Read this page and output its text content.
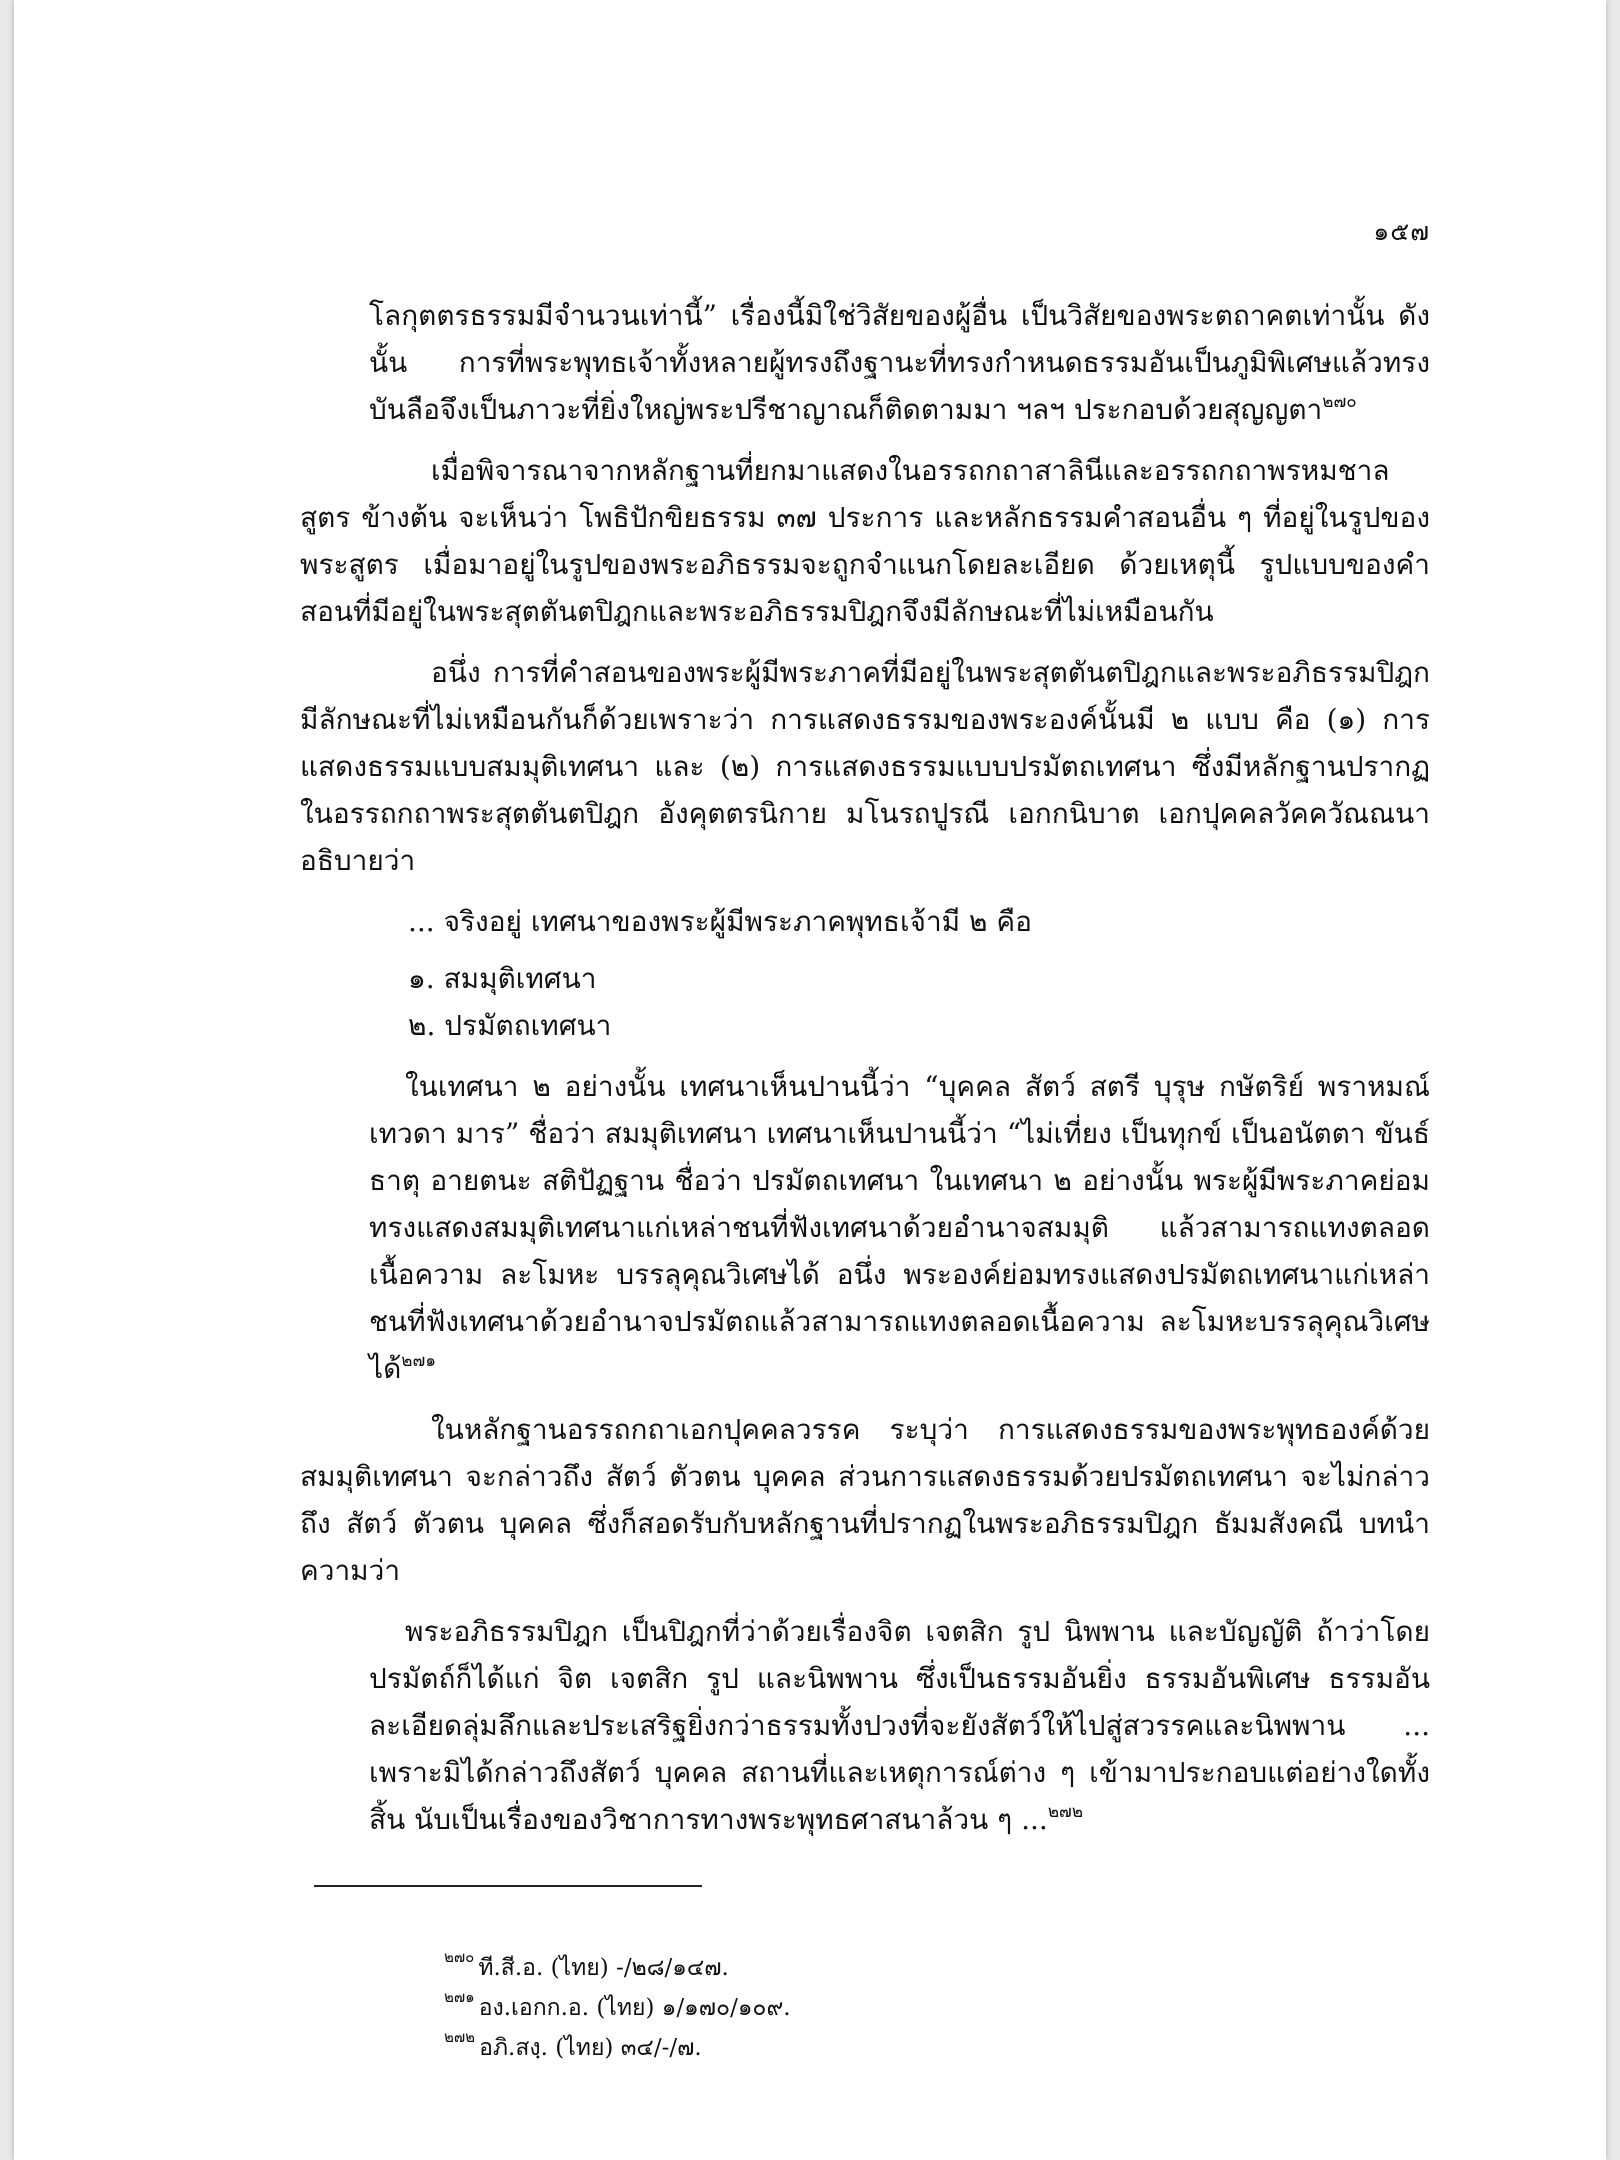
๑๕๗

โลกุตตรธรรมมีจำนวนเท่านี้” เรื่องนี้มิใช่วิสัยของผู้อื่น เป็นวิสัยของพระตถาคตเท่านั้น ดังนั้น การที่พระพุทธเจ้าทั้งหลายผู้ทรงถึงฐานะที่ทรงกำหนดธรรมอันเป็นภูมิพิเศษแล้วทรงบันลือจึงเป็นภาวะที่ยิ่งใหญ่พระปรีชาญาณก็ติดตามมา ฯลฯ ประกอบด้วยสุญญตา$^{๒๗๐}$

เมื่อพิจารณาจากหลักฐานที่ยกมาแสดงในอรรถกถาสาลินีและอรรถกถาพรหมชาลสูตร ข้างต้น จะเห็นว่า โพธิปักขิยธรรม ๓๗ ประการ และหลักธรรมคำสอนอื่น ๆ ที่อยู่ในรูปของพระสูตร เมื่อมาอยู่ในรูปของพระอภิธรรมจะถูกจำแนกโดยละเอียด ด้วยเหตุนี้ รูปแบบของคำสอนที่มีอยู่ในพระสุตตันตปิฎกและพระอภิธรรมปิฎกจึงมีลักษณะที่ไม่เหมือนกัน

อนึ่ง การที่คำสอนของพระผู้มีพระภาคที่มีอยู่ในพระสุตตันตปิฎกและพระอภิธรรมปิฎกมีลักษณะที่ไม่เหมือนกันก็ด้วยเพราะว่า การแสดงธรรมของพระองค์นั้นมี ๒ แบบ คือ (๑) การแสดงธรรมแบบสมมุติเทศนา และ (๒) การแสดงธรรมแบบปรมัตถเทศนา ซึ่งมีหลักฐานปรากฏในอรรถกถาพระสุตตันตปิฎก อังคุตตรนิกาย มโนรถปูรณี เอกกนิบาต เอกปุคคลวัคควัณณนา อธิบายว่า

... จริงอยู่ เทศนาของพระผู้มีพระภาคพุทธเจ้ามี ๒ คือ

๑. สมมุติเทศนา

๒. ปรมัตถเทศนา

ในเทศนา ๒ อย่างนั้น เทศนาเห็นปานนี้ว่า “บุคคล สัตว์ สตรี บุรุษ กษัตริย์ พราหมณ์ เทวดา มาร” ชื่อว่า สมมุติเทศนา เทศนาเห็นปานนี้ว่า “ไม่เที่ยง เป็นทุกข์ เป็นอนัตตา ขันธ์ ธาตุ อายตนะ สติปัฏฐาน ชื่อว่า ปรมัตถเทศนา ในเทศนา ๒ อย่างนั้น พระผู้มีพระภาคย่อมทรงแสดงสมมุติเทศนาแก่เหล่าชนที่ฟังเทศนาด้วยอำนาจสมมุติ แล้วสามารถแทงตลอดเนื้อความ ละโมหะ บรรลุคุณวิเศษได้ อนึ่ง พระองค์ย่อมทรงแสดงปรมัตถเทศนาแก่เหล่าชนที่ฟังเทศนาด้วยอำนาจปรมัตถแล้วสามารถแทงตลอดเนื้อความ ละโมหะบรรลุคุณวิเศษได้$^{๒๗๑}$

ในหลักฐานอรรถกถาเอกปุคคลวรรค ระบุว่า การแสดงธรรมของพระพุทธองค์ด้วยสมมุติเทศนา จะกล่าวถึง สัตว์ ตัวตน บุคคล ส่วนการแสดงธรรมด้วยปรมัตถเทศนา จะไม่กล่าวถึง สัตว์ ตัวตน บุคคล ซึ่งก็สอดรับกับหลักฐานที่ปรากฏในพระอภิธรรมปิฎก ธัมมสังคณี บทนำ ความว่า

พระอภิธรรมปิฎก เป็นปิฎกที่ว่าด้วยเรื่องจิต เจตสิก รูป นิพพาน และบัญญัติ ถ้าว่าโดยปรมัตถ์ก็ได้แก่ จิต เจตสิก รูป และนิพพาน ซึ่งเป็นธรรมอันยิ่ง ธรรมอันพิเศษ ธรรมอันละเอียดลุ่มลึกและประเสริฐยิ่งกว่าธรรมทั้งปวงที่จะยังสัตว์ให้ไปสู่สวรรคและนิพพาน ... เพราะมิได้กล่าวถึงสัตว์ บุคคล สถานที่และเหตุการณ์ต่าง ๆ เข้ามาประกอบแต่อย่างใดทั้งสิ้น นับเป็นเรื่องของวิชาการทางพระพุทธศาสนาล้วน ๆ ...$^{๒๗๒}$

$^{๒๗๐}$ ที.สี.อ. (ไทย) -/๒๘/๑๔๗.
$^{๒๗๑}$ อง.เอกก.อ. (ไทย) ๑/๑๗๐/๑๐๙.
$^{๒๗๒}$ อภิ.สงฺ. (ไทย) ๓๔/-/๗.
